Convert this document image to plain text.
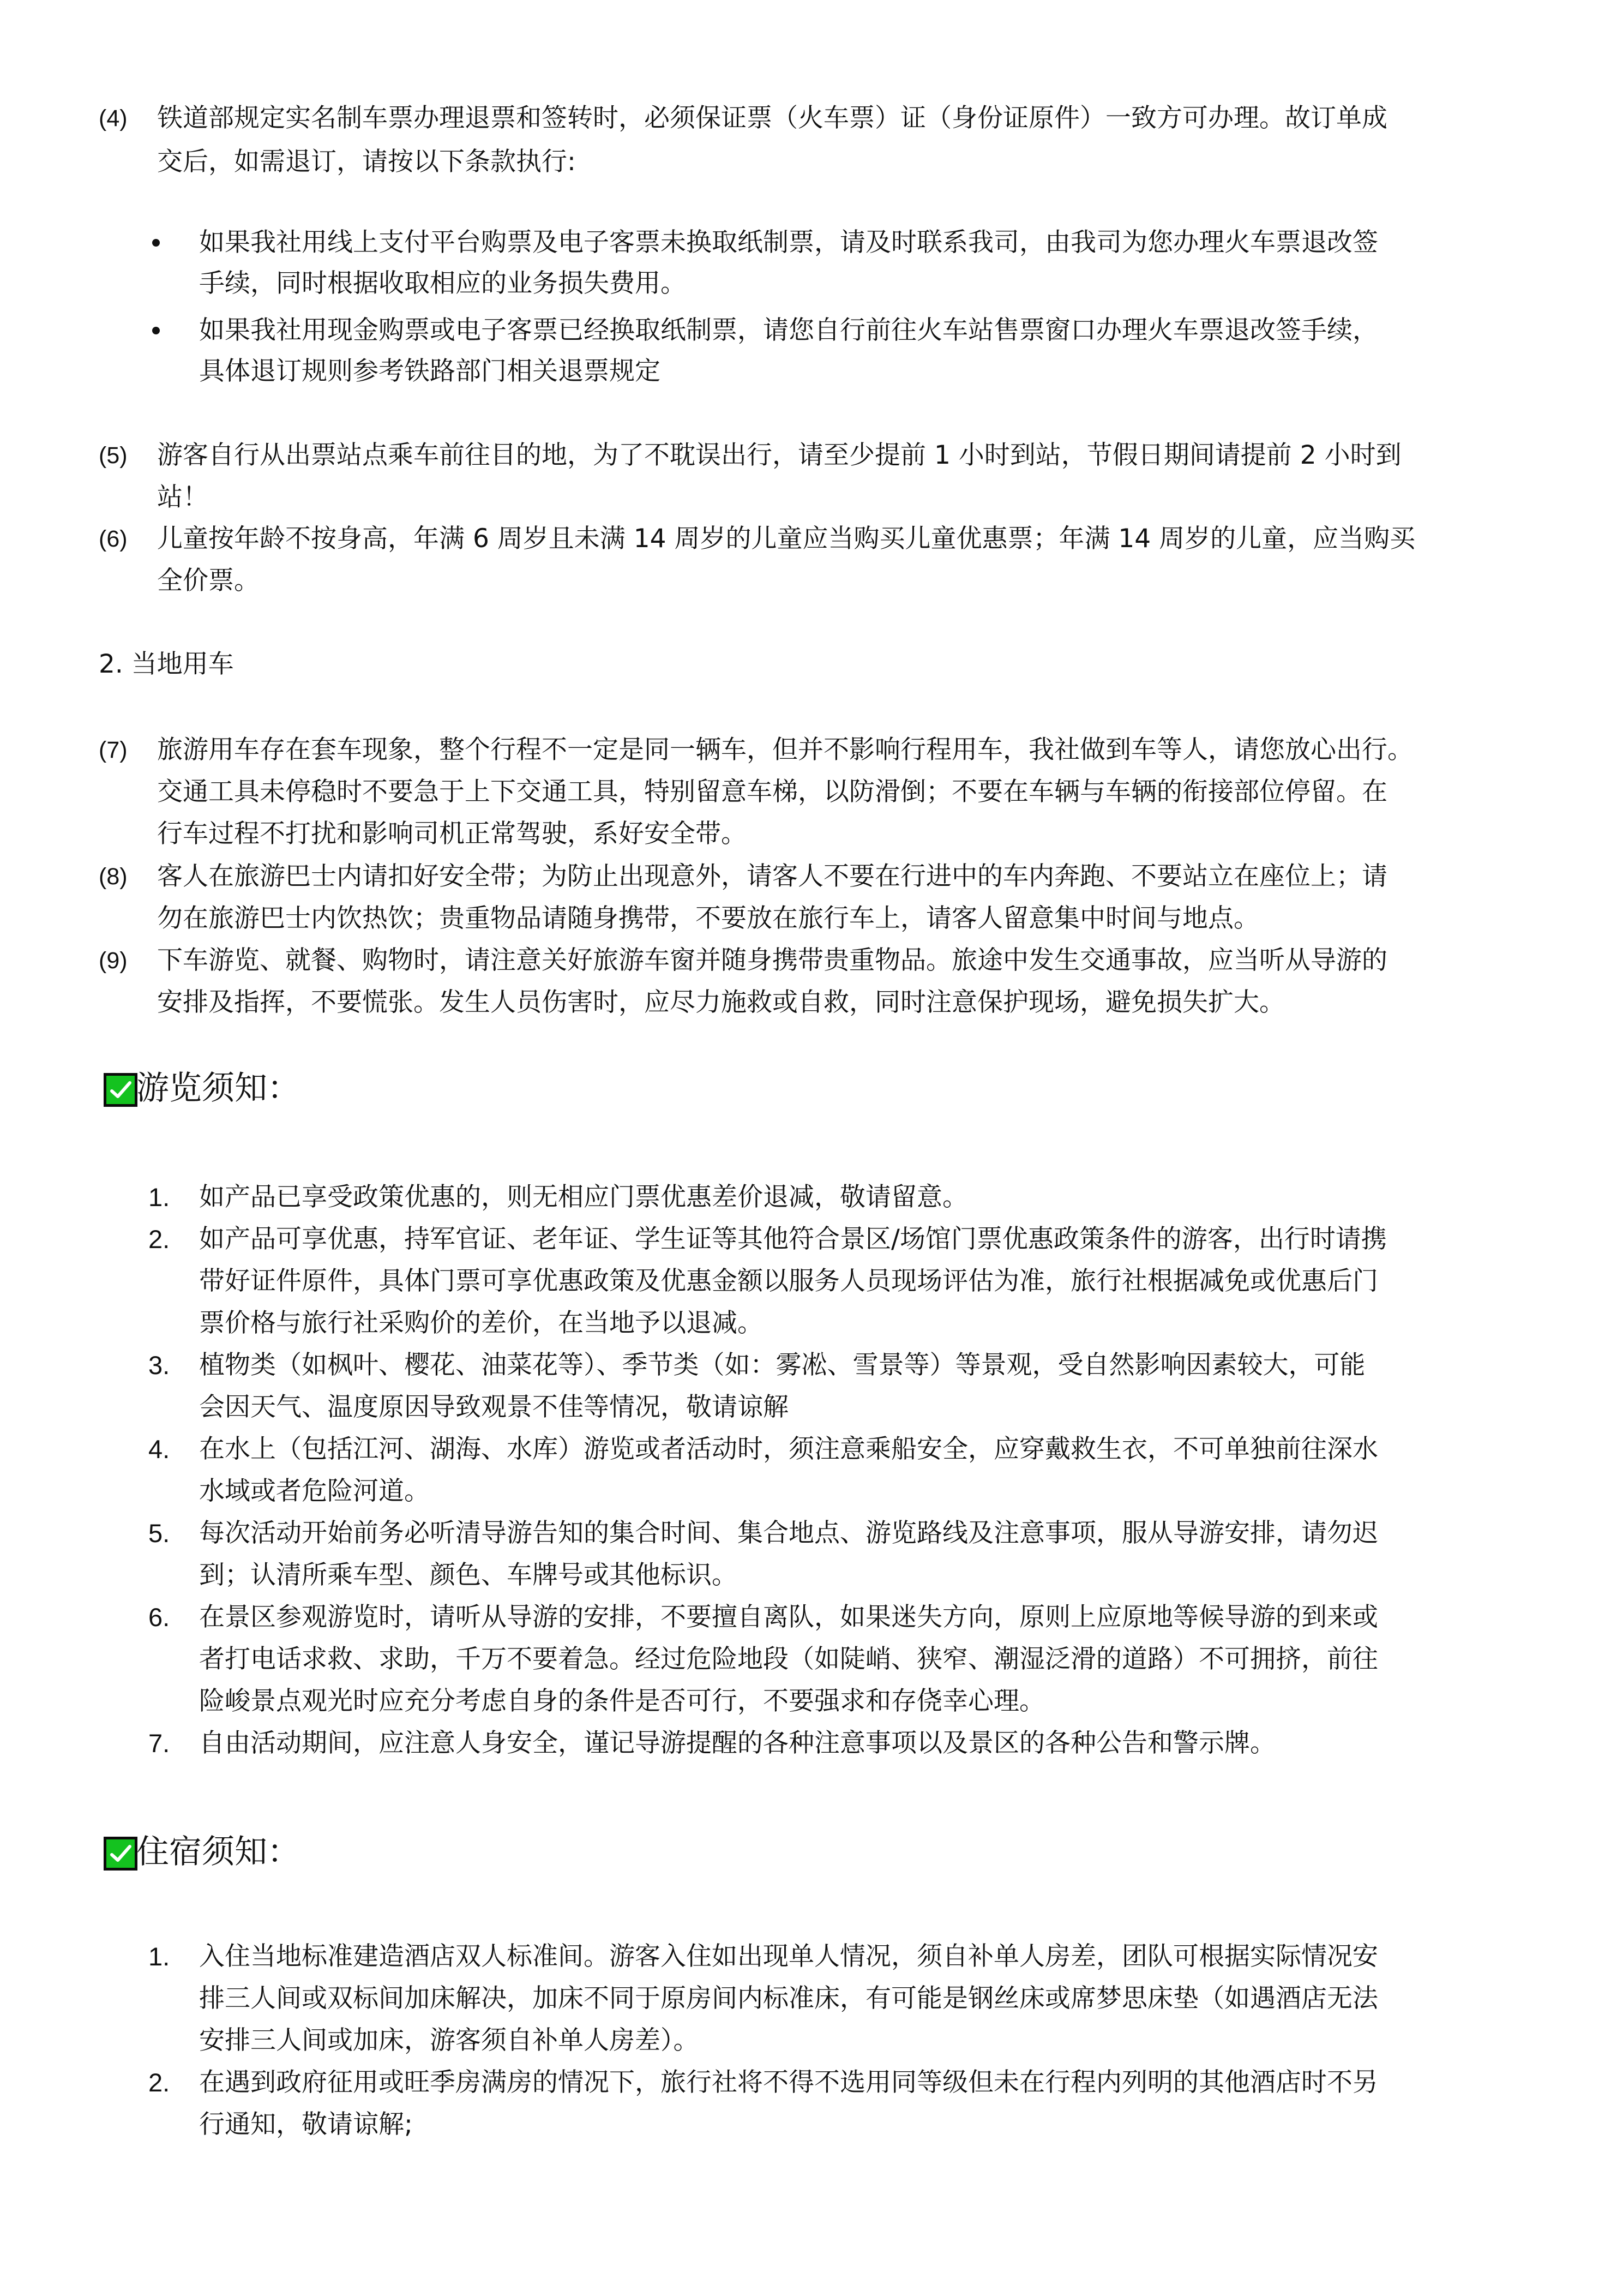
(4) 铁道部规定实名制车票办理退票和签转时，必须保证票（火车票）证（身份证原件）一致方可办理。故订单成
交后，如需退订，请按以下条款执行:
如果我社用线上支付平台购票及电子客票未换取纸制票，请及时联系我司，由我司为您办理火车票退改签
手续，同时根据收取相应的业务损失费用。
如果我社用现金购票或电子客票已经换取纸制票，请您自行前往火车站售票窗口办理火车票退改签手续，
具体退订规则参考铁路部门相关退票规定
(5) 游客自行从出票站点乘车前往目的地，为了不耽误出行，请至少提前 1 小时到站，节假日期间请提前 2 小时到
站！
(6) 儿童按年龄不按身高，年满 6 周岁且未满 14 周岁的儿童应当购买儿童优惠票；年满 14 周岁的儿童，应当购买
全价票。
2. 当地用车
(7) 旅游用车存在套车现象，整个行程不一定是同一辆车，但并不影响行程用车，我社做到车等人，请您放心出行。
交通工具未停稳时不要急于上下交通工具，特别留意车梯，以防滑倒；不要在车辆与车辆的衔接部位停留。在
行车过程不打扰和影响司机正常驾驶，系好安全带。
(8) 客人在旅游巴士内请扣好安全带；为防止出现意外，请客人不要在行进中的车内奔跑、不要站立在座位上；请
勿在旅游巴士内饮热饮；贵重物品请随身携带，不要放在旅行车上，请客人留意集中时间与地点。
(9) 下车游览、就餐、购物时，请注意关好旅游车窗并随身携带贵重物品。旅途中发生交通事故，应当听从导游的
安排及指挥，不要慌张。发生人员伤害时，应尽力施救或自救，同时注意保护现场，避免损失扩大。
游览须知：
1. 如产品已享受政策优惠的，则无相应门票优惠差价退减，敬请留意。
2. 如产品可享优惠，持军官证、老年证、学生证等其他符合景区/场馆门票优惠政策条件的游客，出行时请携
带好证件原件，具体门票可享优惠政策及优惠金额以服务人员现场评估为准，旅行社根据减免或优惠后门
票价格与旅行社采购价的差价，在当地予以退减。
3. 植物类（如枫叶、樱花、油菜花等）、季节类（如：雾凇、雪景等）等景观，受自然影响因素较大，可能
会因天气、温度原因导致观景不佳等情况，敬请谅解
4. 在水上（包括江河、湖海、水库）游览或者活动时，须注意乘船安全，应穿戴救生衣，不可单独前往深水
水域或者危险河道。
5. 每次活动开始前务必听清导游告知的集合时间、集合地点、游览路线及注意事项，服从导游安排，请勿迟
到；认清所乘车型、颜色、车牌号或其他标识。
6. 在景区参观游览时，请听从导游的安排，不要擅自离队，如果迷失方向，原则上应原地等候导游的到来或
者打电话求救、求助，千万不要着急。经过危险地段（如陡峭、狭窄、潮湿泛滑的道路）不可拥挤，前往
险峻景点观光时应充分考虑自身的条件是否可行，不要强求和存侥幸心理。
7. 自由活动期间，应注意人身安全，谨记导游提醒的各种注意事项以及景区的各种公告和警示牌。
住宿须知：
1. 入住当地标准建造酒店双人标准间。游客入住如出现单人情况，须自补单人房差，团队可根据实际情况安
排三人间或双标间加床解决，加床不同于原房间内标准床，有可能是钢丝床或席梦思床垫（如遇酒店无法
安排三人间或加床，游客须自补单人房差）。
2. 在遇到政府征用或旺季房满房的情况下，旅行社将不得不选用同等级但未在行程内列明的其他酒店时不另
行通知，敬请谅解;
